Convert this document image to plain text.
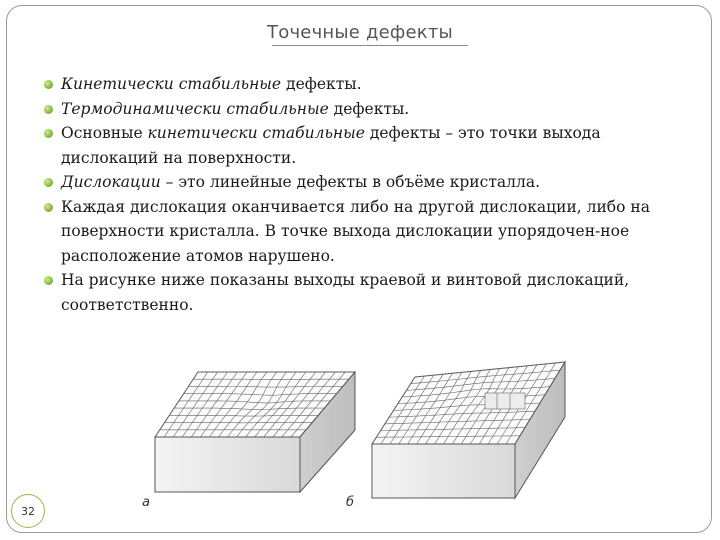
Точечные дефекты
Кинетически стабильные дефекты.
Термодинамически стабильные дефекты.
Основные кинетически стабильные дефекты – это точки выхода дислокаций на поверхности.
Дислокации – это линейные дефекты в объёме кристалла.
Каждая дислокация оканчивается либо на другой дислокации, либо на поверхности кристалла. В точке выхода дислокации упорядочен-ное расположение атомов нарушено.
На рисунке ниже показаны выходы краевой и винтовой дислокаций, соответственно.
а	б
32
